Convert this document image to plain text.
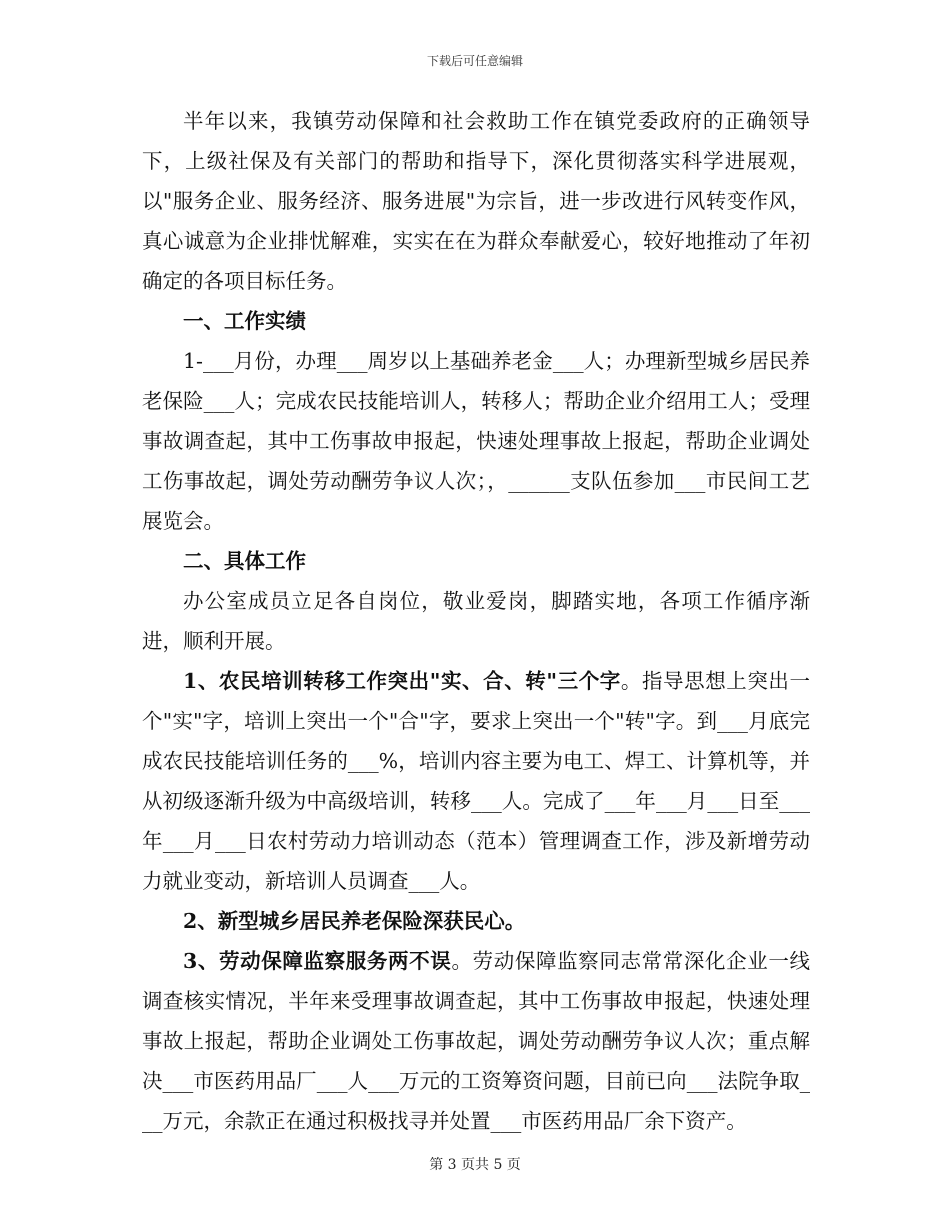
下载后可任意编辑

半年以来，我镇劳动保障和社会救助工作在镇党委政府的正确领导下，上级社保及有关部门的帮助和指导下，深化贯彻落实科学进展观，以"服务企业、服务经济、服务进展"为宗旨，进一步改进行风转变作风，真心诚意为企业排忧解难，实实在在为群众奉献爱心，较好地推动了年初确定的各项目标任务。

一、工作实绩

1-___月份，办理___周岁以上基础养老金___人；办理新型城乡居民养老保险___人；完成农民技能培训人，转移人；帮助企业介绍用工人；受理事故调查起，其中工伤事故申报起，快速处理事故上报起，帮助企业调处工伤事故起，调处劳动酬劳争议人次；，______支队伍参加___市民间工艺展览会。

二、具体工作

办公室成员立足各自岗位，敬业爱岗，脚踏实地，各项工作循序渐进，顺利开展。

1、农民培训转移工作突出"实、合、转"三个字。指导思想上突出一个"实"字，培训上突出一个"合"字，要求上突出一个"转"字。到___月底完成农民技能培训任务的___%，培训内容主要为电工、焊工、计算机等，并从初级逐渐升级为中高级培训，转移___人。完成了___年___月___日至___年___月___日农村劳动力培训动态（范本）管理调查工作，涉及新增劳动力就业变动，新培训人员调查___人。

2、新型城乡居民养老保险深获民心。

3、劳动保障监察服务两不误。劳动保障监察同志常常深化企业一线调查核实情况，半年来受理事故调查起，其中工伤事故申报起，快速处理事故上报起，帮助企业调处工伤事故起，调处劳动酬劳争议人次；重点解决___市医药用品厂___人___万元的工资筹资问题，目前已向___法院争取___万元，余款正在通过积极找寻并处置___市医药用品厂余下资产。

第 3 页共 5 页
